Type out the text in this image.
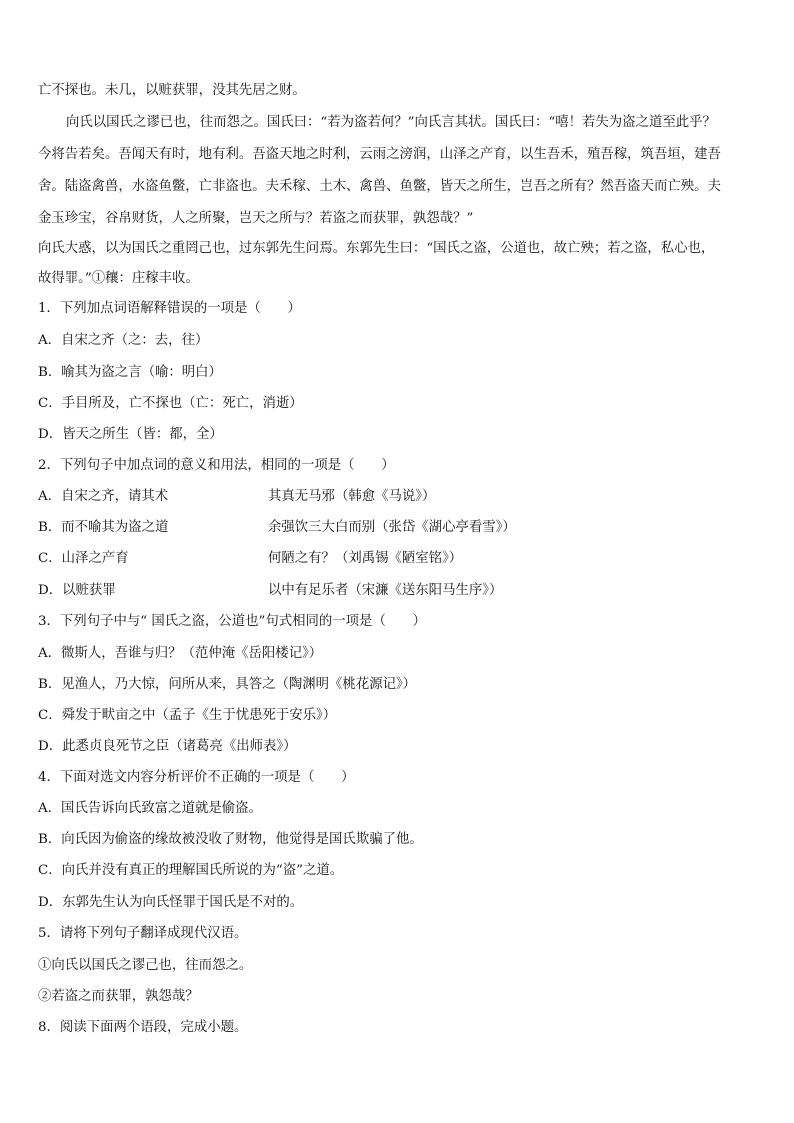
亡不探也。未几，以赃获罪，没其先居之财。
向氏以国氏之谬已也，往而怨之。国氏曰：“若为盗若何？”向氏言其状。国氏曰：“嘻！若失为盗之道至此乎？
今将告若矣。吾闻天有时，地有利。吾盗天地之时利，云雨之滂润，山泽之产育，以生吾禾，殖吾稼，筑吾垣，建吾
舍。陆盗禽兽，水盗鱼鳖，亡非盗也。夫禾稼、土木、禽兽、鱼鳖，皆天之所生，岂吾之所有？然吾盗天而亡殃。夫
金玉珍宝，谷帛财货，人之所聚，岂天之所与？若盗之而获罪，孰怨哉？”
向氏大惑，以为国氏之重罔己也，过东郭先生问焉。东郭先生曰：“国氏之盗，公道也，故亡殃；若之盗，私心也，
故得罪。”①穰：庄稼丰收。
1．下列加点词语解释错误的一项是（　　）
A．自宋之齐（之：去，往）
B．喻其为盗之言（喻：明白）
C．手目所及，亡不探也（亡：死亡，消逝）
D．皆天之所生（皆：都，全）
2．下列句子中加点词的意义和用法，相同的一项是（　　）
A．自宋之齐，请其术	其真无马邪（韩愈《马说》）
B．而不喻其为盗之道	余强饮三大白而别（张岱《湖心亭看雪》）
C．山泽之产育	何陋之有？（刘禹锡《陋室铭》）
D．以赃获罪	以中有足乐者（宋濂《送东阳马生序》）
3．下列句子中与“ 国氏之盗，公道也”句式相同的一项是（　　）
A．微斯人，吾谁与归？（范仲淹《岳阳楼记》）
B．见渔人，乃大惊，问所从来，具答之（陶渊明《桃花源记》）
C．舜发于畎亩之中（孟子《生于忧患死于安乐》）
D．此悉贞良死节之臣（诸葛亮《出师表》）
4．下面对选文内容分析评价不正确的一项是（　　）
A．国氏告诉向氏致富之道就是偷盗。
B．向氏因为偷盗的缘故被没收了财物，他觉得是国氏欺骗了他。
C．向氏并没有真正的理解国氏所说的为“盗”之道。
D．东郭先生认为向氏怪罪于国氏是不对的。
5．请将下列句子翻译成现代汉语。
①向氏以国氏之谬己也，往而怨之。
②若盗之而获罪，孰怨哉？
8．阅读下面两个语段，完成小题。
